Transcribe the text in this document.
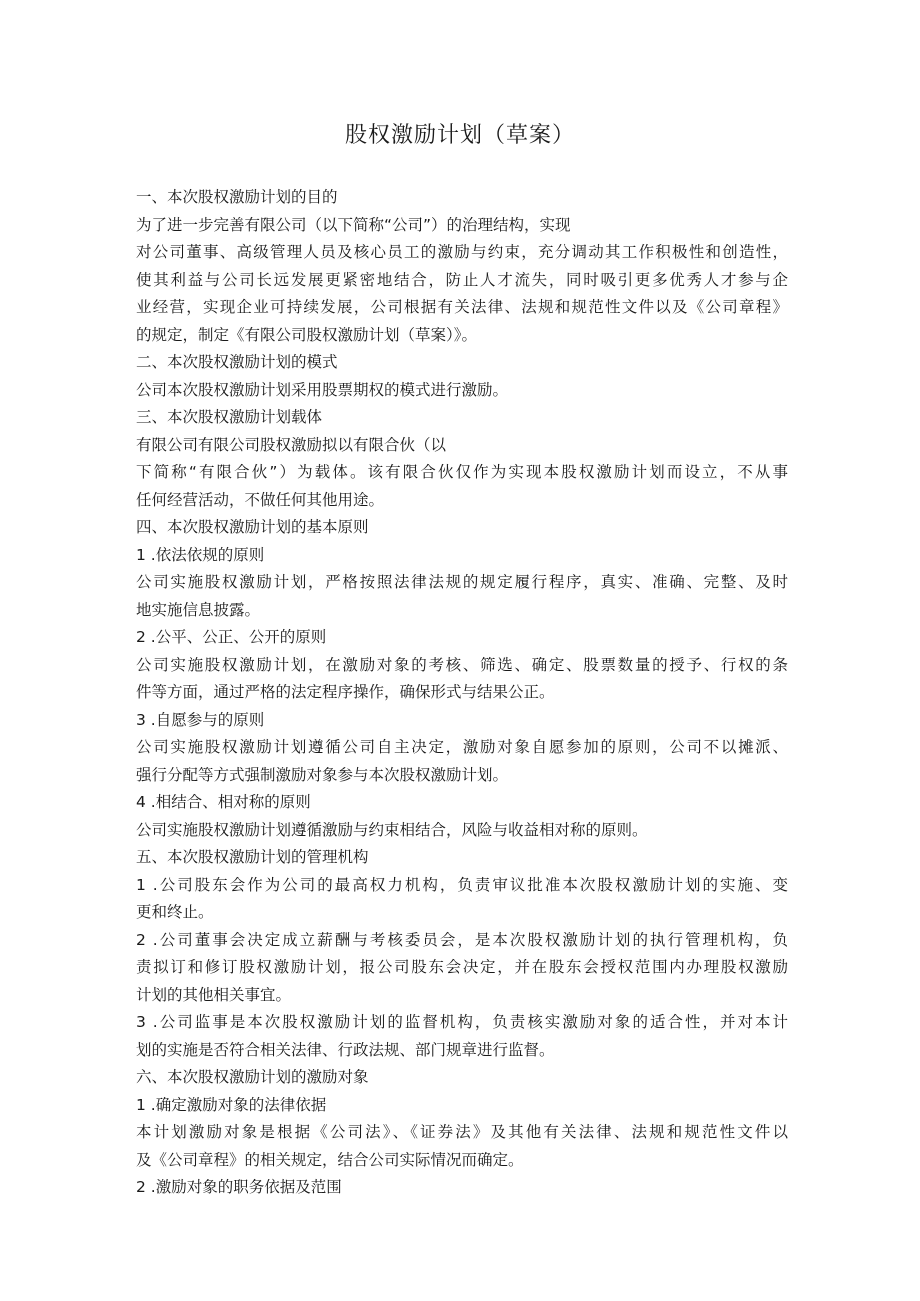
股权激励计划（草案）
一、本次股权激励计划的目的
为了进一步完善有限公司（以下简称“公司”）的治理结构，实现
对公司董事、高级管理人员及核心员工的激励与约束，充分调动其工作积极性和创造性，
使其利益与公司长远发展更紧密地结合，防止人才流失，同时吸引更多优秀人才参与企
业经营，实现企业可持续发展，公司根据有关法律、法规和规范性文件以及《公司章程》
的规定，制定《有限公司股权激励计划（草案）》。
二、本次股权激励计划的模式
公司本次股权激励计划采用股票期权的模式进行激励。
三、本次股权激励计划载体
有限公司有限公司股权激励拟以有限合伙（以
下简称“有限合伙”）为载体。该有限合伙仅作为实现本股权激励计划而设立，不从事
任何经营活动，不做任何其他用途。
四、本次股权激励计划的基本原则
1 .依法依规的原则
公司实施股权激励计划，严格按照法律法规的规定履行程序，真实、准确、完整、及时
地实施信息披露。
2 .公平、公正、公开的原则
公司实施股权激励计划，在激励对象的考核、筛选、确定、股票数量的授予、行权的条
件等方面，通过严格的法定程序操作，确保形式与结果公正。
3 .自愿参与的原则
公司实施股权激励计划遵循公司自主决定，激励对象自愿参加的原则，公司不以摊派、
强行分配等方式强制激励对象参与本次股权激励计划。
4 .相结合、相对称的原则
公司实施股权激励计划遵循激励与约束相结合，风险与收益相对称的原则。
五、本次股权激励计划的管理机构
1 .公司股东会作为公司的最高权力机构，负责审议批准本次股权激励计划的实施、变
更和终止。
2 .公司董事会决定成立薪酬与考核委员会，是本次股权激励计划的执行管理机构，负
责拟订和修订股权激励计划，报公司股东会决定，并在股东会授权范围内办理股权激励
计划的其他相关事宜。
3 .公司监事是本次股权激励计划的监督机构，负责核实激励对象的适合性，并对本计
划的实施是否符合相关法律、行政法规、部门规章进行监督。
六、本次股权激励计划的激励对象
1 .确定激励对象的法律依据
本计划激励对象是根据《公司法》、《证券法》及其他有关法律、法规和规范性文件以
及《公司章程》的相关规定，结合公司实际情况而确定。
2 .激励对象的职务依据及范围
